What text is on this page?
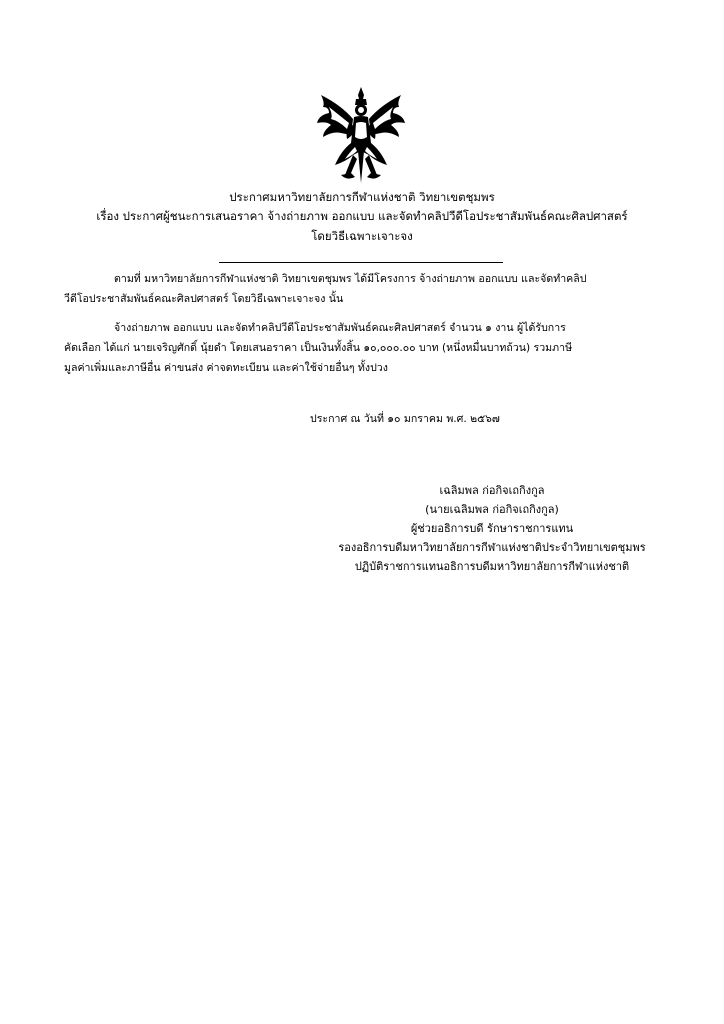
ประกาศมหาวิทยาลัยการกีฬาแห่งชาติ วิทยาเขตชุมพร
เรื่อง ประกาศผู้ชนะการเสนอราคา จ้างถ่ายภาพ ออกแบบ และจัดทำคลิปวีดีโอประชาสัมพันธ์คณะศิลปศาสตร์
โดยวิธีเฉพาะเจาะจง
ตามที่ มหาวิทยาลัยการกีฬาแห่งชาติ วิทยาเขตชุมพร ได้มีโครงการ จ้างถ่ายภาพ ออกแบบ และจัดทำคลิป
วีดีโอประชาสัมพันธ์คณะศิลปศาสตร์ โดยวิธีเฉพาะเจาะจง นั้น
จ้างถ่ายภาพ ออกแบบ และจัดทำคลิปวีดีโอประชาสัมพันธ์คณะศิลปศาสตร์ จำนวน ๑ งาน ผู้ได้รับการ
คัดเลือก ได้แก่ นายเจริญศักดิ์ นุ้ยดำ โดยเสนอราคา เป็นเงินทั้งสิ้น ๑๐,๐๐๐.๐๐ บาท (หนึ่งหมื่นบาทถ้วน) รวมภาษี
มูลค่าเพิ่มและภาษีอื่น ค่าขนส่ง ค่าจดทะเบียน และค่าใช้จ่ายอื่นๆ ทั้งปวง
ประกาศ ณ วันที่ ๑๐ มกราคม พ.ศ. ๒๕๖๗
เฉลิมพล ก่อกิจเถกิงกูล
(นายเฉลิมพล ก่อกิจเถกิงกูล)
ผู้ช่วยอธิการบดี รักษาราชการแทน
รองอธิการบดีมหาวิทยาลัยการกีฬาแห่งชาติประจำวิทยาเขตชุมพร
ปฏิบัติราชการแทนอธิการบดีมหาวิทยาลัยการกีฬาแห่งชาติ
